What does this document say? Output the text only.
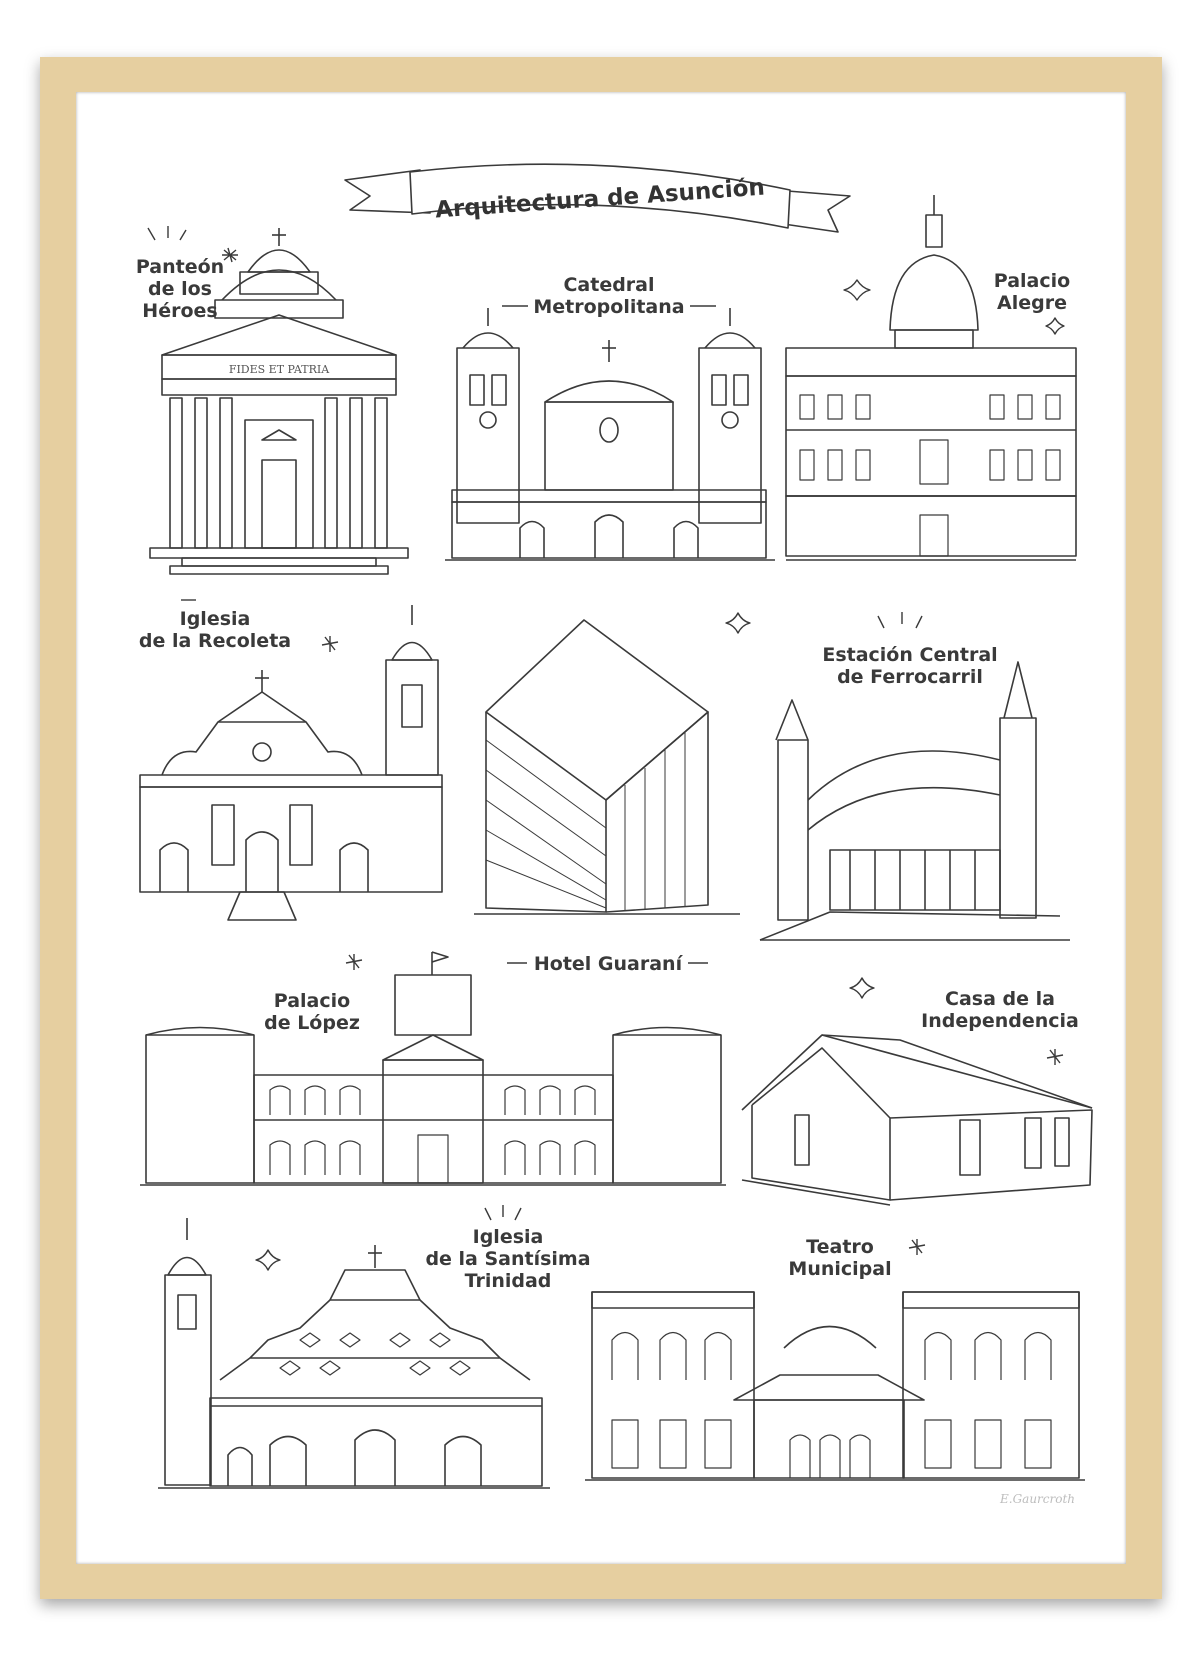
FIDES ET PATRIA
Arquitectura de Asunción
Panteón
de los
Héroes
Catedral
Metropolitana
Palacio
Alegre
Iglesia
de la Recoleta
Estación Central
de Ferrocarril
Hotel Guaraní
Palacio
de López
Casa de la
Independencia
Iglesia
de la Santísima
Trinidad
Teatro
Municipal
E.Gaurcroth
